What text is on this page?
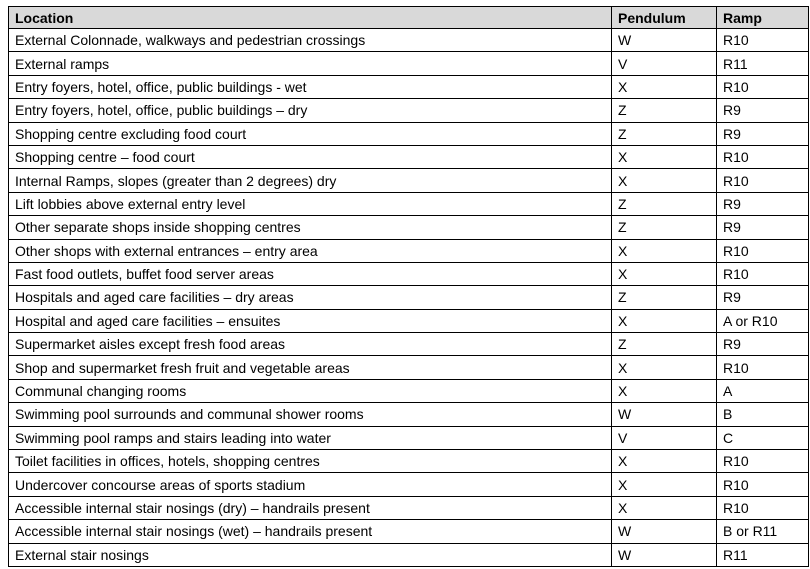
Location	Pendulum	Ramp
External Colonnade, walkways and pedestrian crossings	W	R10
External ramps	V	R11
Entry foyers, hotel, office, public buildings - wet	X	R10
Entry foyers, hotel, office, public buildings – dry	Z	R9
Shopping centre excluding food court	Z	R9
Shopping centre – food court	X	R10
Internal Ramps, slopes (greater than 2 degrees) dry	X	R10
Lift lobbies above external entry level	Z	R9
Other separate shops inside shopping centres	Z	R9
Other shops with external entrances – entry area	X	R10
Fast food outlets, buffet food server areas	X	R10
Hospitals and aged care facilities – dry areas	Z	R9
Hospital and aged care facilities – ensuites	X	A or R10
Supermarket aisles except fresh food areas	Z	R9
Shop and supermarket fresh fruit and vegetable areas	X	R10
Communal changing rooms	X	A
Swimming pool surrounds and communal shower rooms	W	B
Swimming pool ramps and stairs leading into water	V	C
Toilet facilities in offices, hotels, shopping centres	X	R10
Undercover concourse areas of sports stadium	X	R10
Accessible internal stair nosings (dry) – handrails present	X	R10
Accessible internal stair nosings (wet) – handrails present	W	B or R11
External stair nosings	W	R11
